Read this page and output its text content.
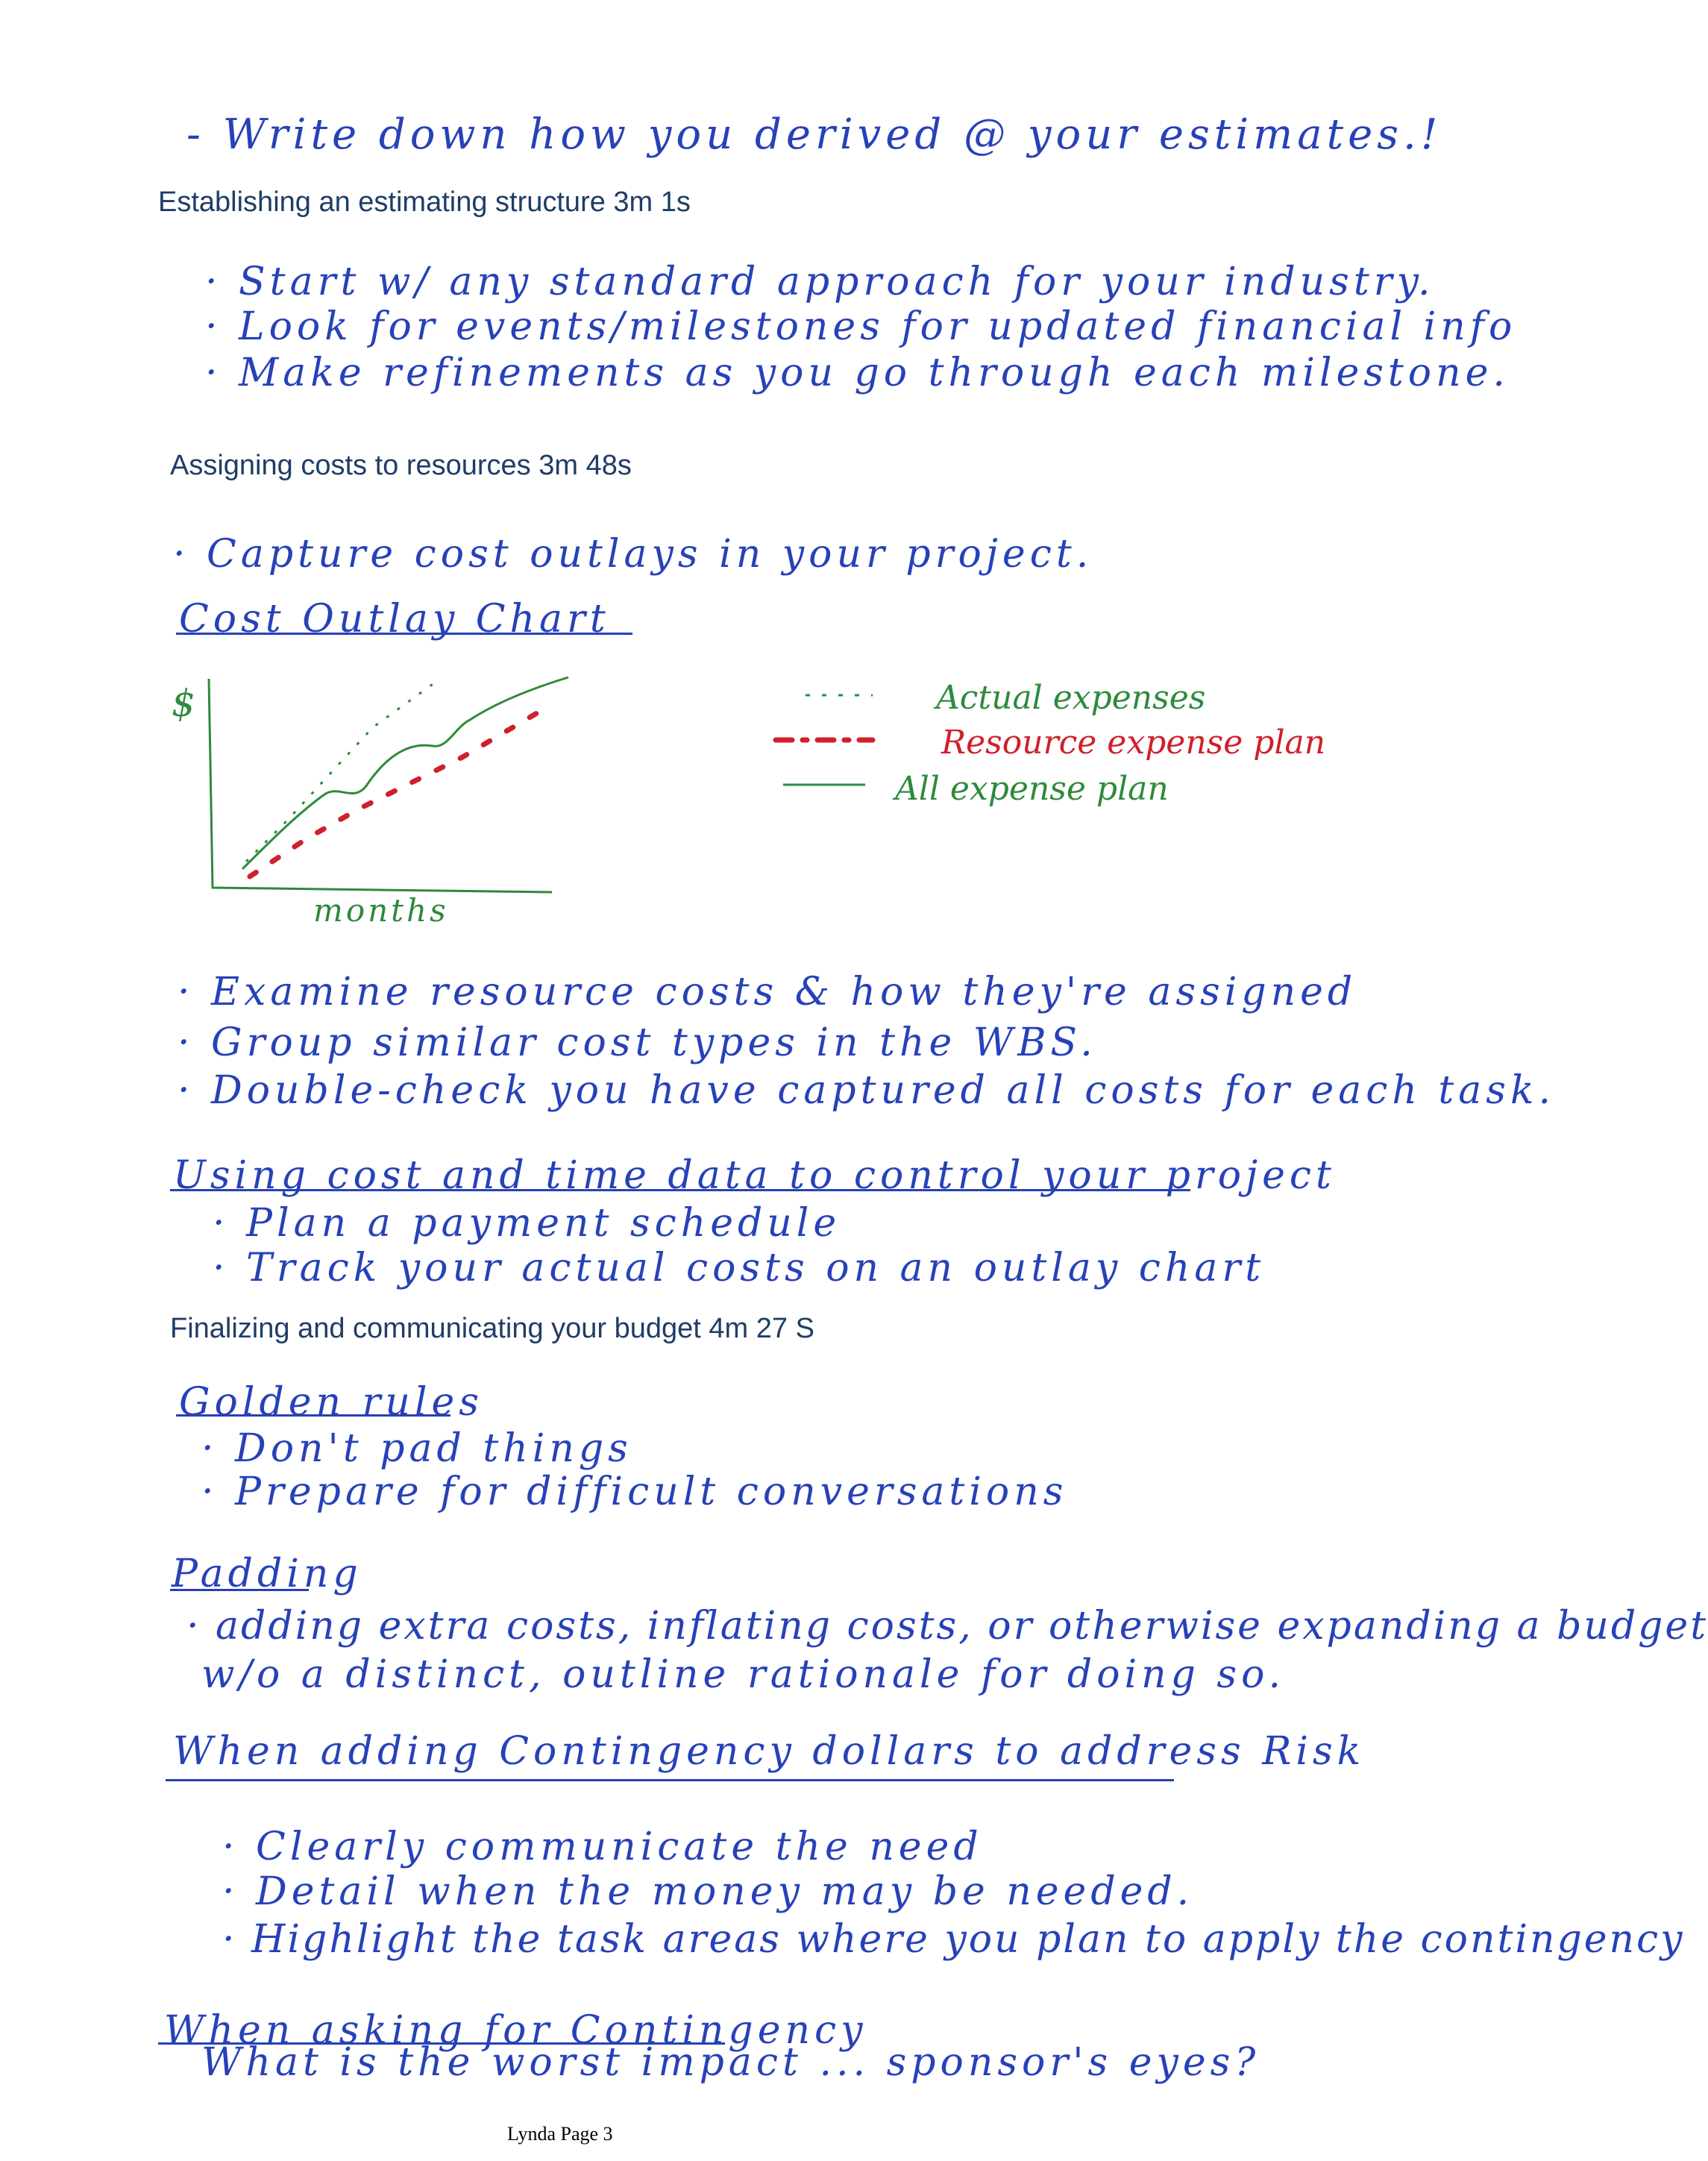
- Write down how you derived @ your estimates.!
Establishing an estimating structure 3m 1s
· Start w/ any standard approach for your industry.
· Look for events/milestones for updated financial info
· Make refinements as you go through each milestone.
Assigning costs to resources 3m 48s
· Capture cost outlays in your project.
Cost Outlay Chart
$
months
Actual expenses
Resource expense plan
All expense plan
· Examine resource costs & how they're assigned
· Group similar cost types in the WBS.
· Double-check you have captured all costs for each task.
Using cost and time data to control your project
· Plan a payment schedule
· Track your actual costs on an outlay chart
Finalizing and communicating your budget 4m 27 S
Golden rules
· Don't pad things
· Prepare for difficult conversations
Padding
· adding extra costs, inflating costs, or otherwise expanding a budget
w/o a distinct, outline rationale for doing so.
When adding Contingency dollars to address Risk
· Clearly communicate the need
· Detail when the money may be needed.
· Highlight the task areas where you plan to apply the contingency
When asking for Contingency
What is the worst impact ... sponsor's eyes?
Lynda Page 3
